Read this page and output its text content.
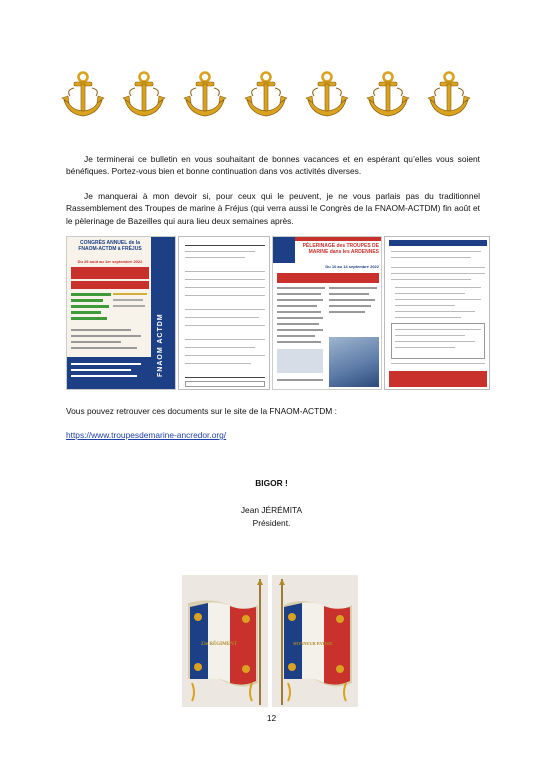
Je terminerai ce bulletin en vous souhaitant de bonnes vacances et en espérant qu’elles vous soient bénéfiques. Portez-vous bien et bonne continuation dans vos activités diverses.

Je manquerai à mon devoir si, pour ceux qui le peuvent, je ne vous parlais pas du traditionnel Rassemblement des Troupes de marine à Fréjus (qui verra aussi le Congrès de la FNAOM-ACTDM) fin août et le pèlerinage de Bazeilles qui aura lieu deux semaines après.

CONGRÈS ANNUEL de la FNAOM-ACTDM à FRÉJUS
Du 25 août au 1er septembre 2022
FNAOM ACTDM
PÈLERINAGE des TROUPES DE MARINE dans les ARDENNES
Du 10 au 14 septembre 2022

Vous pouvez retrouver ces documents sur le site de la FNAOM-ACTDM :

https://www.troupesdemarine-ancredor.org/
BIGOR !
Jean JÉRÉMITA
Président.
23e RÉGIMENT	HONNEUR PATRIE
12
